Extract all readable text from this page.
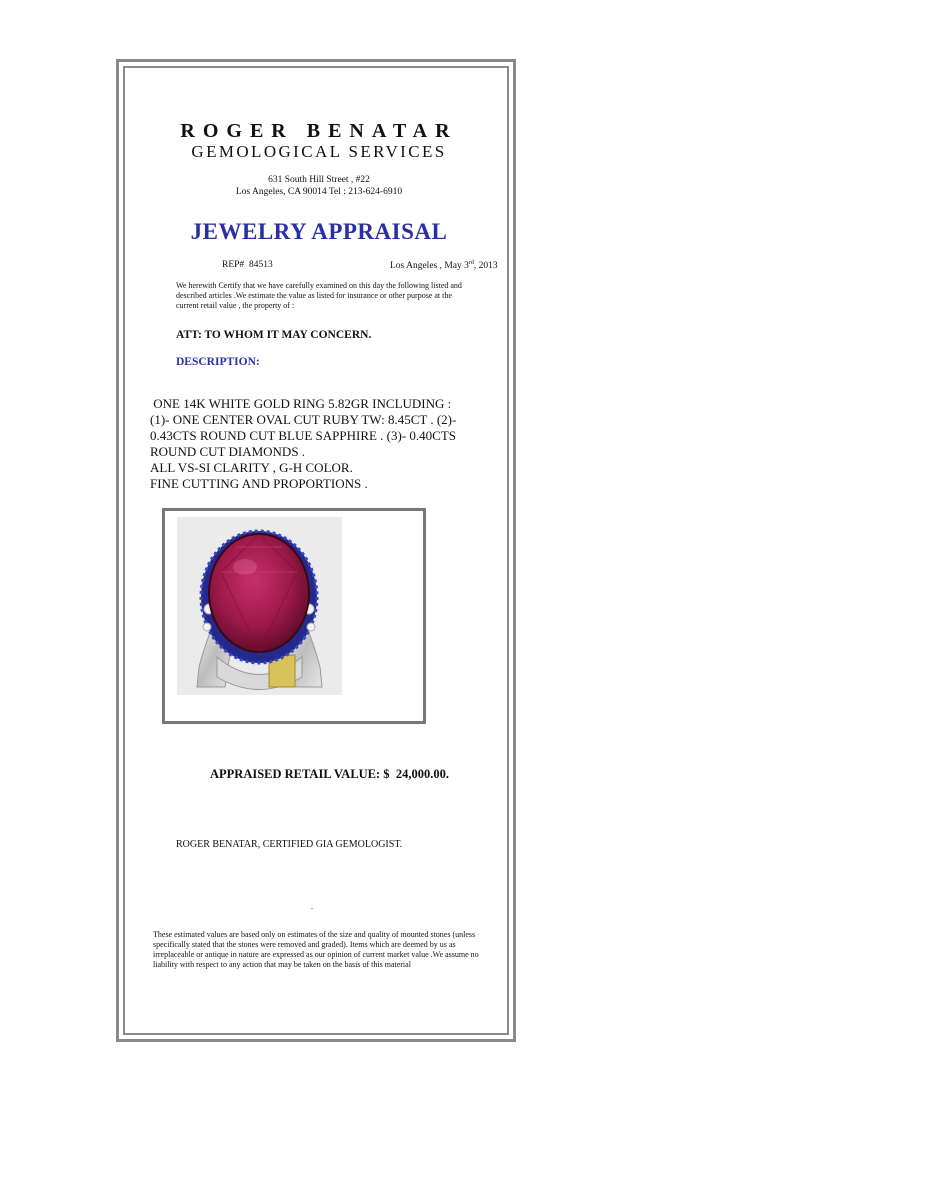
ROGER BENATAR
GEMOLOGICAL SERVICES
631 South Hill Street , #22
Los Angeles, CA 90014 Tel : 213-624-6910
JEWELRY APPRAISAL
REP# 84513	Los Angeles , May 3rd, 2013
We herewith Certify that we have carefully examined on this day the following listed and described articles .We estimate the value as listed for insurance or other purpose at the current retail value , the property of :
ATT: TO WHOM IT MAY CONCERN.
DESCRIPTION:
ONE 14K WHITE GOLD RING 5.82GR INCLUDING :
(1)- ONE CENTER OVAL CUT RUBY TW: 8.45CT . (2)-
0.43CTS ROUND CUT BLUE SAPPHIRE . (3)- 0.40CTS
ROUND CUT DIAMONDS .
ALL VS-SI CLARITY , G-H COLOR.
FINE CUTTING AND PROPORTIONS .
APPRAISED RETAIL VALUE: $ 24,000.00.
ROGER BENATAR, CERTIFIED GIA GEMOLOGIST.
.
These estimated values are based only on estimates of the size and quality of mounted stones (unless specifically stated that the stones were removed and graded). Items which are deemed by us as irreplaceable or antique in nature are expressed as our opinion of current market value .We assume no liability with respect to any action that may be taken on the basis of this material
